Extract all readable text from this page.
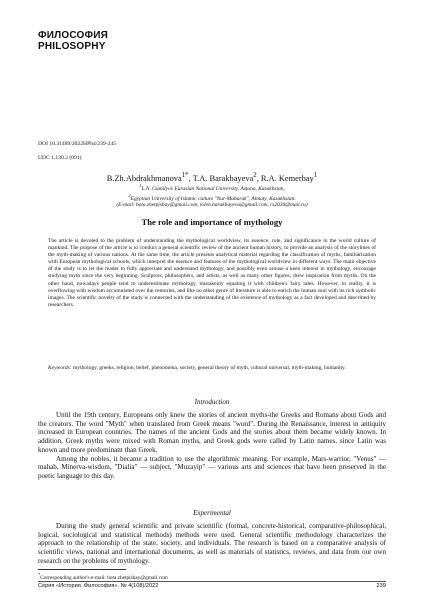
ФИЛОСОФИЯ
PHILOSOPHY
DOI 10.31489/2022HPh4/239-245
UDC 1.130.2 (091)
B.Zh.Abdrakhmanova$^{1*}$, T.A. Barakbayeva$^2$, R.A. Kemerbay$^1$
$^1$L.N. Gumilyov Eurasian National University, Astana, Kazakhstan,
$^2$Egyptian University of Islamic culture "Nur-Mubarak", Almaty, Kazakhstan.
(E-mail: bota.zhetpisbay@gmail.com, tolen.barakbayeva@gmail.com, rs2030@mail.ru)
The role and importance of mythology

The article is devoted to the problem of understanding the mythological worldview, its essence, role, and significance in the world culture of mankind. The purpose of the article is to conduct a general scientific review of the ancient human history, to provide an analysis of the storylines of the myth-making of various nations. At the same time, the article presents analytical material regarding the classification of myths, familiarization with European mythological schools, which interpret the essence and features of the mythological worldview in different ways. The main objective of the study is to let the reader to fully appreciate and understand mythology, and possibly even arouse a keen interest in mythology, encourage studying myth since the very beginning. Sculptors, philosophers, and artists, as well as many other figures, drew inspiration from myths. On the other hand, nowadays people tend to underestimate mythology, mistakenly equating it with children's fairy tales. However, in reality, it is overflowing with wisdom accumulated over the centuries, and like no other genre of literature is able to enrich the human soul with its rich symbolic images. The scientific novelty of the study is connected with the understanding of the existence of mythology as a fact developed and described by researchers.

Keywords: mythology, greeks, religion, belief, phenomena, society, general theory of myth, cultural universal, myth-making, humanity.
Introduction

Until the 19th century, Europeans only knew the stories of ancient myths-the Greeks and Romans about Gods and the creators. The word "Myth" when translated from Greek means "word". During the Renaissance, interest in antiquity increased in European countries. The names of the ancient Gods and the stories about them became widely known. In addition, Greek myths were mixed with Roman myths, and Greek gods were called by Latin names, since Latin was known and more predominant than Greek.

Among the nobles, it became a tradition to use the algorithmic meaning. For example, Mars-warrior, "Venus" — mahab, Minerva-wisdom, "Dialia" — subject, "Muzayip" — various arts and sciences that have been preserved in the poetic language to this day.

Experimental

During the study general scientific and private scientific (formal, concrete-historical, comparative-philosophical, logical, sociological and statistical methods) methods were used. General scientific methodology characterizes the approach to the relationship of the state, society, and individuals. The research is based on a comparative analysis of scientific views, national and international documents, as well as materials of statistics, reviews, and data from our own research on the problems of mythology.

*Corresponding author's e-mail: bota.zhetpisbay@gmail.com
Серия «История. Философия». № 4(108)/2022	239
